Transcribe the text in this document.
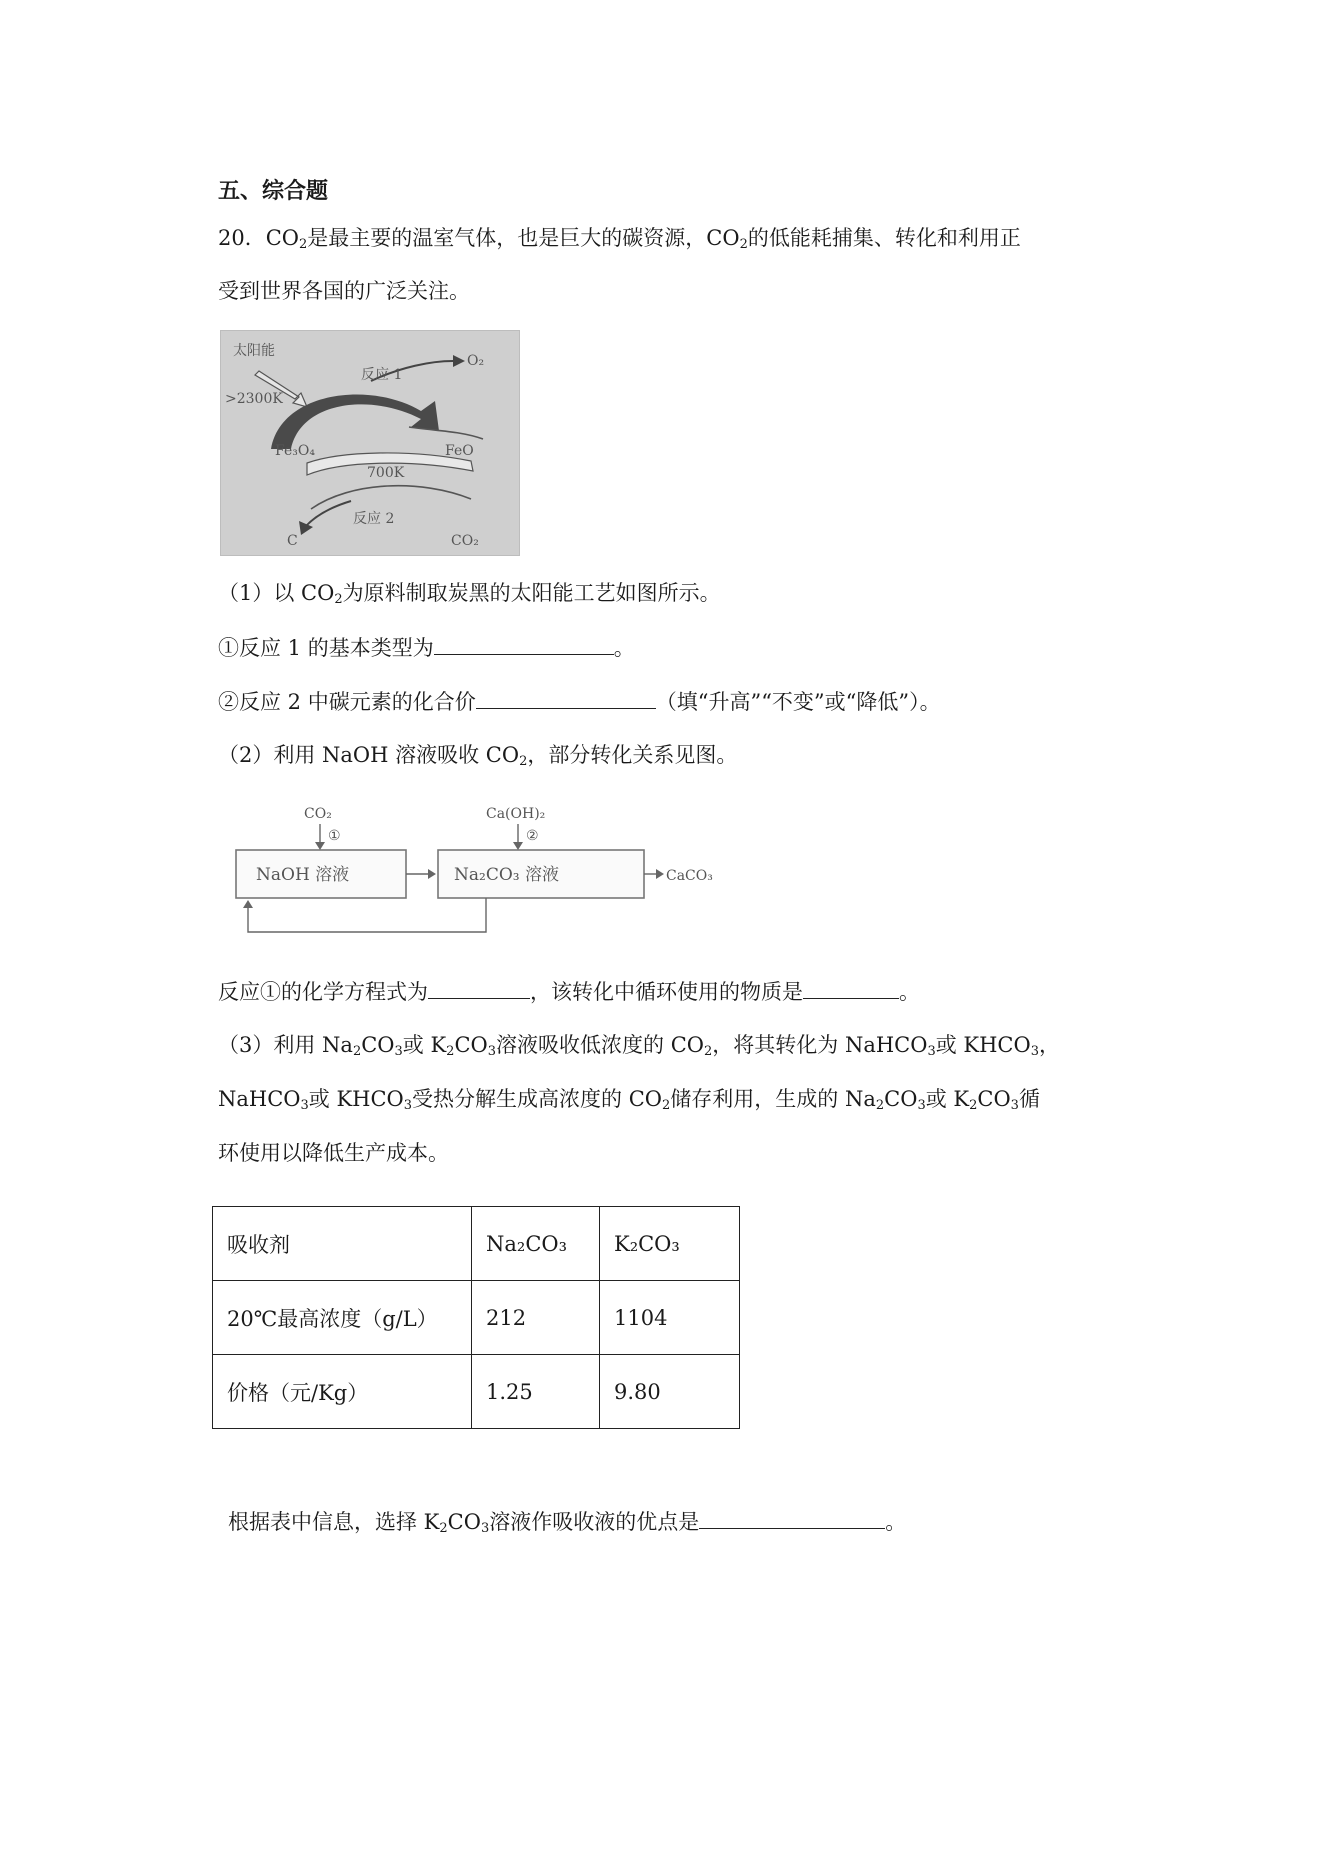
五、综合题
20．$CO_2$是最主要的温室气体，也是巨大的碳资源，$CO_2$的低能耗捕集、转化和利用正
受到世界各国的广泛关注。
太阳能
>2300K
反应 1
O₂
Fe₃O₄	FeO
700K
反应 2
C	CO₂
（1）以 $CO_2$为原料制取炭黑的太阳能工艺如图所示。
①反应 1 的基本类型为	。
②反应 2 中碳元素的化合价	（填“升高”“不变”或“降低”）。
（2）利用 NaOH 溶液吸收 $CO_2$，部分转化关系见图。
CO₂
①
Ca(OH)₂
②
NaOH 溶液	Na₂CO₃ 溶液	CaCO₃
反应①的化学方程式为	，该转化中循环使用的物质是	。
（3）利用 $Na_2CO_3$或 $K_2CO_3$溶液吸收低浓度的 $CO_2$，将其转化为 NaHCO$_3$或 $KHCO_3$，
NaHCO$_3$或 $KHCO_3$受热分解生成高浓度的 $CO_2$储存利用，生成的 $Na_2CO_3$或 $K_2CO_3$循
环使用以降低生产成本。
吸收剂	Na₂CO₃	K₂CO₃
20℃最高浓度（g/L）	212	1104
价格（元/Kg）	1.25	9.80
根据表中信息，选择 $K_2CO_3$溶液作吸收液的优点是	。
